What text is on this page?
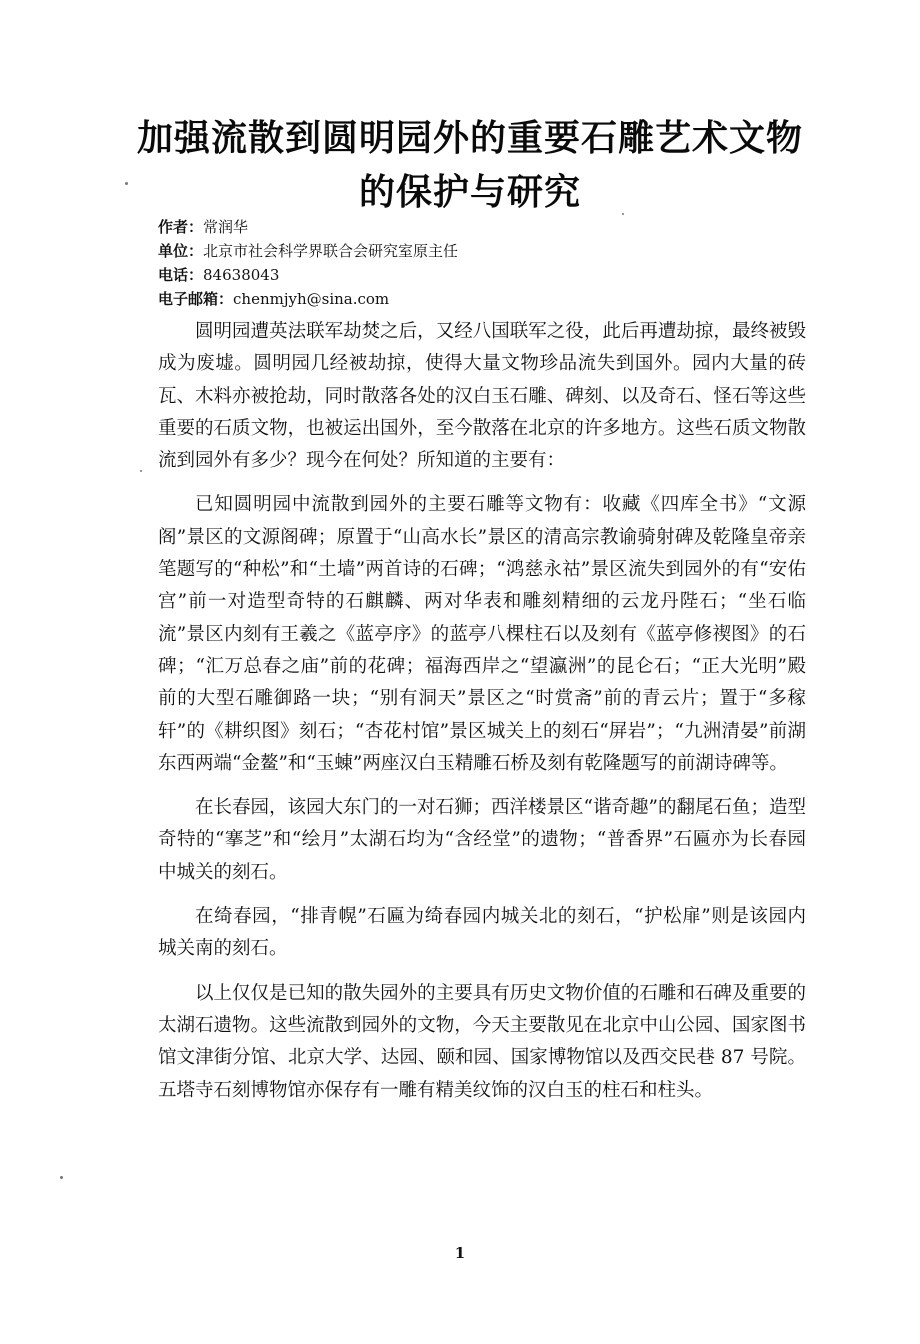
加强流散到圆明园外的重要石雕艺术文物
的保护与研究
作者：常润华
单位：北京市社会科学界联合会研究室原主任
电话：84638043
电子邮箱：chenmjyh@sina.com

圆明园遭英法联军劫焚之后，又经八国联军之役，此后再遭劫掠，最终被毁成为废墟。圆明园几经被劫掠，使得大量文物珍品流失到国外。园内大量的砖瓦、木料亦被抢劫，同时散落各处的汉白玉石雕、碑刻、以及奇石、怪石等这些重要的石质文物，也被运出国外，至今散落在北京的许多地方。这些石质文物散流到园外有多少？现今在何处？所知道的主要有：

已知圆明园中流散到园外的主要石雕等文物有：收藏《四库全书》“文源阁”景区的文源阁碑；原置于“山高水长”景区的清高宗教谕骑射碑及乾隆皇帝亲笔题写的“种松”和“土墙”两首诗的石碑；“鸿慈永祜”景区流失到园外的有“安佑宫”前一对造型奇特的石麒麟、两对华表和雕刻精细的云龙丹陛石；“坐石临流”景区内刻有王羲之《蓝亭序》的蓝亭八棵柱石以及刻有《蓝亭修禊图》的石碑；“汇万总春之庙”前的花碑；福海西岸之“望瀛洲”的昆仑石；“正大光明”殿前的大型石雕御路一块；“别有洞天”景区之“时赏斋”前的青云片；置于“多稼轩”的《耕织图》刻石；“杏花村馆”景区城关上的刻石“屏岩”；“九洲清晏”前湖东西两端“金鳌”和“玉蝀”两座汉白玉精雕石桥及刻有乾隆题写的前湖诗碑等。

在长春园，该园大东门的一对石狮；西洋楼景区“谐奇趣”的翻尾石鱼；造型奇特的“搴芝”和“绘月”太湖石均为“含经堂”的遗物；“普香界”石匾亦为长春园中城关的刻石。

在绮春园，“排青幌”石匾为绮春园内城关北的刻石，“护松扉”则是该园内城关南的刻石。

以上仅仅是已知的散失园外的主要具有历史文物价值的石雕和石碑及重要的太湖石遗物。这些流散到园外的文物，今天主要散见在北京中山公园、国家图书馆文津街分馆、北京大学、达园、颐和园、国家博物馆以及西交民巷 87 号院。五塔寺石刻博物馆亦保存有一雕有精美纹饰的汉白玉的柱石和柱头。

1
